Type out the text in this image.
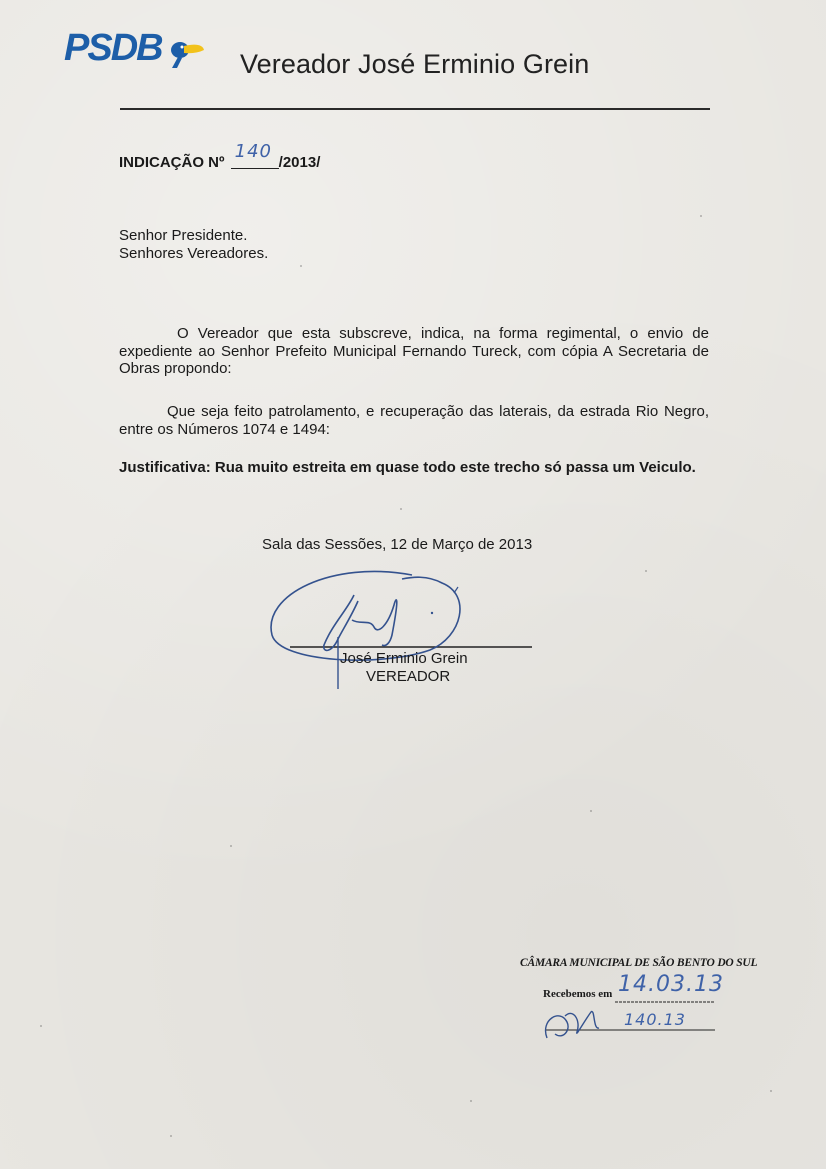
PSDB	Vereador José Erminio Grein
INDICAÇÃO Nº
140
/2013/
Senhor Presidente.
Senhores Vereadores.
O Vereador que esta subscreve, indica, na forma regimental, o envio de expediente ao Senhor Prefeito Municipal Fernando Tureck, com cópia A Secretaria de Obras propondo:
Que seja feito patrolamento, e recuperação das laterais, da estrada Rio Negro, entre os Números 1074 e 1494:
Justificativa: Rua muito estreita em quase todo este trecho só passa um Veiculo.
Sala das Sessões, 12 de Março de 2013
José Erminio Grein
VEREADOR
CÂMARA MUNICIPAL DE SÃO BENTO DO SUL
Recebemos em 14.03.13
140.13
